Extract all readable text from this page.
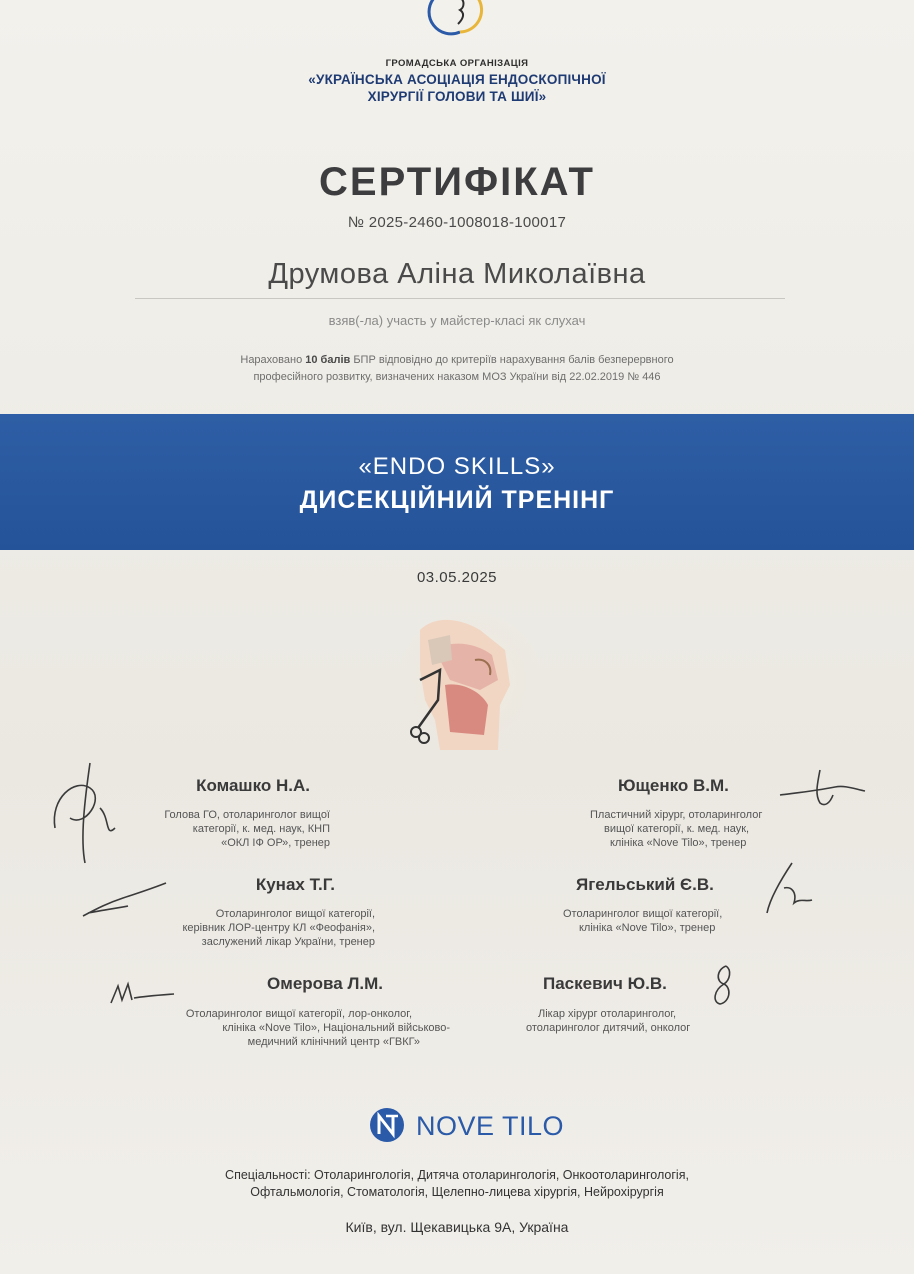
ГРОМАДСЬКА ОРГАНІЗАЦІЯ
«УКРАЇНСЬКА АСОЦІАЦІЯ ЕНДОСКОПІЧНОЇ
ХІРУРГІЇ ГОЛОВИ ТА ШИЇ»
СЕРТИФІКАТ
№ 2025-2460-1008018-100017
Друмова Аліна Миколаївна
взяв(-ла) участь у майстер-класі як слухач
Нараховано 10 балів БПР відповідно до критеріїв нарахування балів безперервного
професійного розвитку, визначених наказом МОЗ України від 22.02.2019 № 446
«ENDO SKILLS»
ДИСЕКЦІЙНИЙ ТРЕНІНГ
03.05.2025
Комашко Н.А.
Голова ГО, отоларинголог вищої
категорії, к. мед. наук, КНП
«ОКЛ ІФ ОР», тренер
Ющенко В.М.
Пластичний хірург, отоларинголог
вищої категорії, к. мед. наук,
клініка «Nove Tilo», тренер
Кунах Т.Г.
Отоларинголог вищої категорії,
керівник ЛОР-центру КЛ «Феофанія»,
заслужений лікар України, тренер
Ягельський Є.В.
Отоларинголог вищої категорії,
клініка «Nove Tilo», тренер
Омерова Л.М.
Отоларинголог вищої категорії, лор-онколог,
клініка «Nove Tilo», Національний військово-
медичний клінічний центр «ГВКГ»
Паскевич Ю.В.
Лікар хірург отоларинголог,
отоларинголог дитячий, онколог
NOVE TILO
Спеціальності: Отоларингологія, Дитяча отоларингологія, Онкоотоларингологія,
Офтальмологія, Стоматологія, Щелепно-лицева хірургія, Нейрохірургія
Київ, вул. Щекавицька 9А, Україна
